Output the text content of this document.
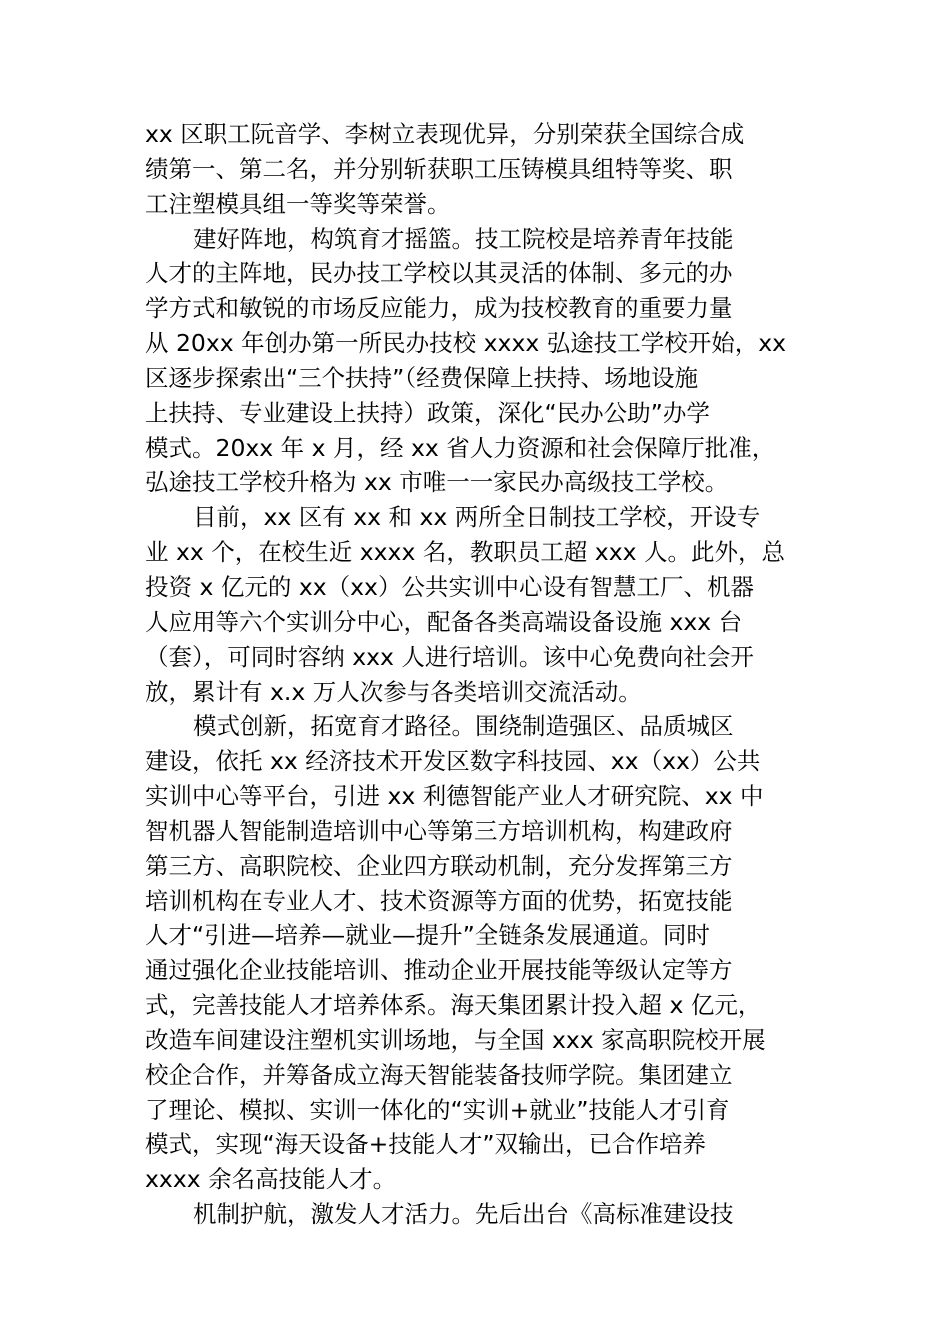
xx 区职工阮音学、李树立表现优异，分别荣获全国综合成
绩第一、第二名，并分别斩获职工压铸模具组特等奖、职
工注塑模具组一等奖等荣誉。
建好阵地，构筑育才摇篮。技工院校是培养青年技能
人才的主阵地，民办技工学校以其灵活的体制、多元的办
学方式和敏锐的市场反应能力，成为技校教育的重要力量
从 20xx 年创办第一所民办技校 xxxx 弘途技工学校开始，xx
区逐步探索出“三个扶持”（经费保障上扶持、场地设施
上扶持、专业建设上扶持）政策，深化“民办公助”办学
模式。20xx 年 x 月，经 xx 省人力资源和社会保障厅批准，
弘途技工学校升格为 xx 市唯一一家民办高级技工学校。
目前，xx 区有 xx 和 xx 两所全日制技工学校，开设专
业 xx 个，在校生近 xxxx 名，教职员工超 xxx 人。此外，总
投资 x 亿元的 xx（xx）公共实训中心设有智慧工厂、机器
人应用等六个实训分中心，配备各类高端设备设施 xxx 台
（套），可同时容纳 xxx 人进行培训。该中心免费向社会开
放，累计有 x.x 万人次参与各类培训交流活动。
模式创新，拓宽育才路径。围绕制造强区、品质城区
建设，依托 xx 经济技术开发区数字科技园、xx（xx）公共
实训中心等平台，引进 xx 利德智能产业人才研究院、xx 中
智机器人智能制造培训中心等第三方培训机构，构建政府
第三方、高职院校、企业四方联动机制，充分发挥第三方
培训机构在专业人才、技术资源等方面的优势，拓宽技能
人才“引进—培养—就业—提升”全链条发展通道。同时
通过强化企业技能培训、推动企业开展技能等级认定等方
式，完善技能人才培养体系。海天集团累计投入超 x 亿元，
改造车间建设注塑机实训场地，与全国 xxx 家高职院校开展
校企合作，并筹备成立海天智能装备技师学院。集团建立
了理论、模拟、实训一体化的“实训+就业”技能人才引育
模式，实现“海天设备+技能人才”双输出，已合作培养
xxxx 余名高技能人才。
机制护航，激发人才活力。先后出台《高标准建设技
